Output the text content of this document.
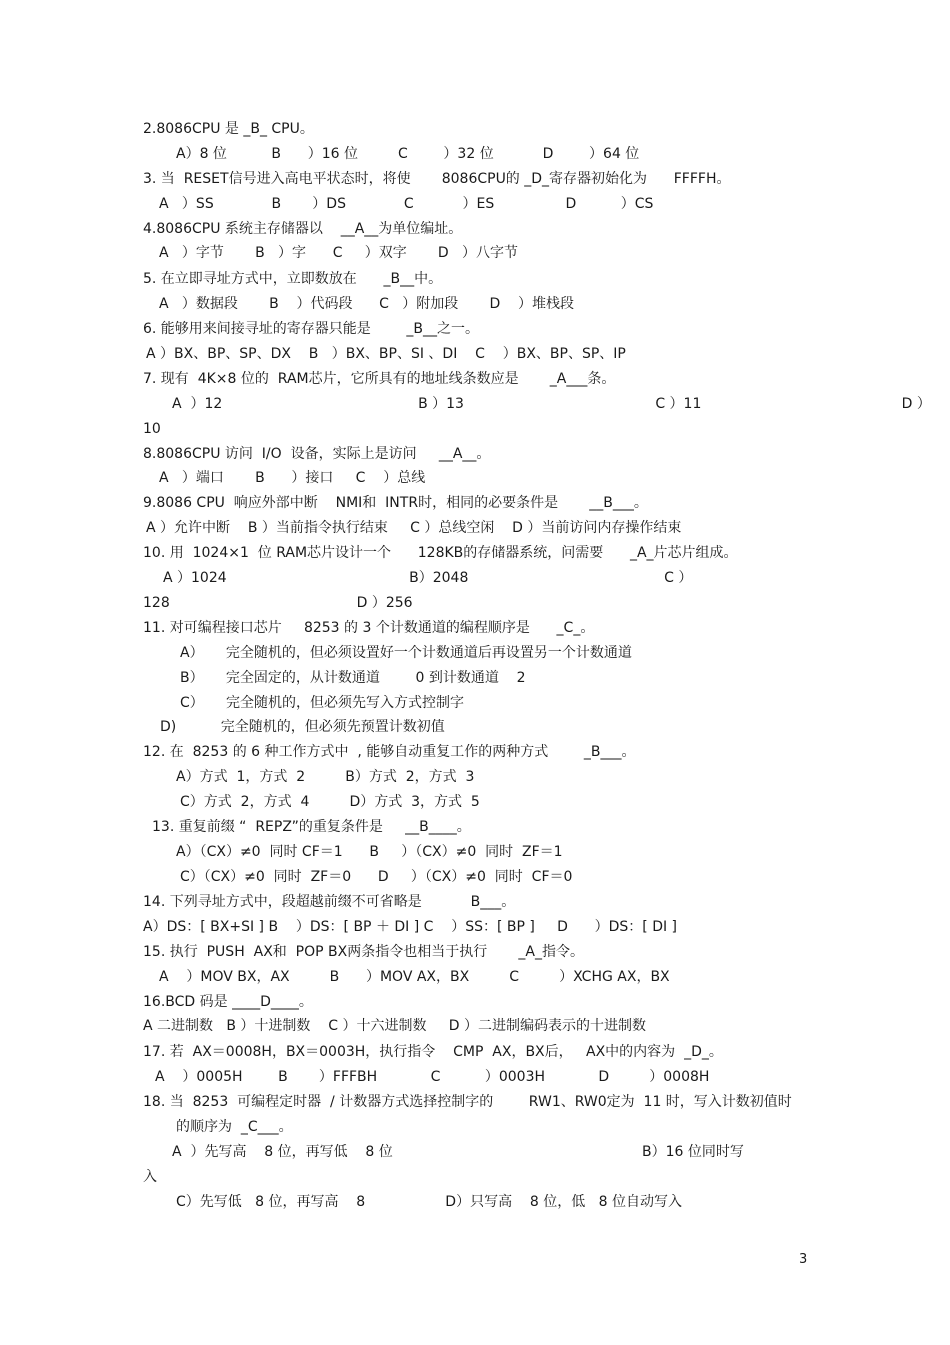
2.8086CPU 是 _B_ CPU。
A）8 位          B      ）16 位         C        ）32 位           D        ）64 位
3. 当  RESET信号进入高电平状态时，将使       8086CPU的 _D_寄存器初始化为      FFFFH。
A   ）SS             B       ）DS             C           ）ES                D          ）CS
4.8086CPU 系统主存储器以    __A__为单位编址。
A   ）字节       B   ）字      C     ）双字       D   ）八字节
5. 在立即寻址方式中，立即数放在      _B__中。
A   ）数据段       B    ）代码段      C   ）附加段       D    ）堆栈段
6. 能够用来间接寻址的寄存器只能是        _B__之一。
A ）BX、BP、SP、DX    B   ）BX、BP、SI 、DI    C    ）BX、BP、SP、IP
7. 现有  4K×8 位的  RAM芯片，它所具有的地址线条数应是       _A___条。
A  ）12                                            B ）13                                           C ）11                                             D ）
10
8.8086CPU 访问  I/O  设备，实际上是访问     __A__。
A   ）端口       B      ）接口     C    ）总线
9.8086 CPU  响应外部中断    NMI和  INTR时，相同的必要条件是       __B___。
A ）允许中断    B ）当前指令执行结束     C ）总线空闲    D ）当前访问内存操作结束
10. 用  1024×1  位 RAM芯片设计一个      128KB的存储器系统，问需要      _A_片芯片组成。
A ）1024                                         B）2048                                            C ）
128                                          D ）256
11. 对可编程接口芯片     8253 的 3 个计数通道的编程顺序是      _C_。
A）     完全随机的，但必须设置好一个计数通道后再设置另一个计数通道
B）     完全固定的，从计数通道        0 到计数通道    2
C）     完全随机的，但必须先写入方式控制字
D)          完全随机的，但必须先预置计数初值
12. 在  8253 的 6 种工作方式中  , 能够自动重复工作的两种方式        _B___。
A）方式  1，方式  2         B）方式  2，方式  3
C）方式  2，方式  4         D）方式  3，方式  5
13. 重复前缀 “  REPZ”的重复条件是     __B____。
A）（CX）≠0  同时 CF＝1      B     ）（CX）≠0  同时  ZF＝1
C）（CX）≠0  同时  ZF＝0      D     ）（CX）≠0  同时  CF＝0
14. 下列寻址方式中，段超越前缀不可省略是           B___。
A）DS：[ BX+SI ] B    ）DS：[ BP ＋ DI ] C    ）SS：[ BP ]     D      ）DS：[ DI ]
15. 执行  PUSH  AX和  POP BX两条指令也相当于执行       _A_指令。
A    ）MOV BX，AX         B      ）MOV AX，BX         C         ）XCHG AX，BX
16.BCD 码是 ____D____。
A 二进制数   B ）十进制数    C ）十六进制数     D ）二进制编码表示的十进制数
17. 若  AX＝0008H，BX＝0003H，执行指令    CMP  AX，BX后，   AX中的内容为  _D_。
A    ）0005H        B       ）FFFBH            C          ）0003H            D         ）0008H
18. 当  8253  可编程定时器  / 计数器方式选择控制字的        RW1、RW0定为  11 时，写入计数初值时
的顺序为  _C___。
A  ）先写高    8 位，再写低    8 位                                                        B）16 位同时写
入
C）先写低   8 位，再写高    8                  D）只写高    8 位，低   8 位自动写入
3
